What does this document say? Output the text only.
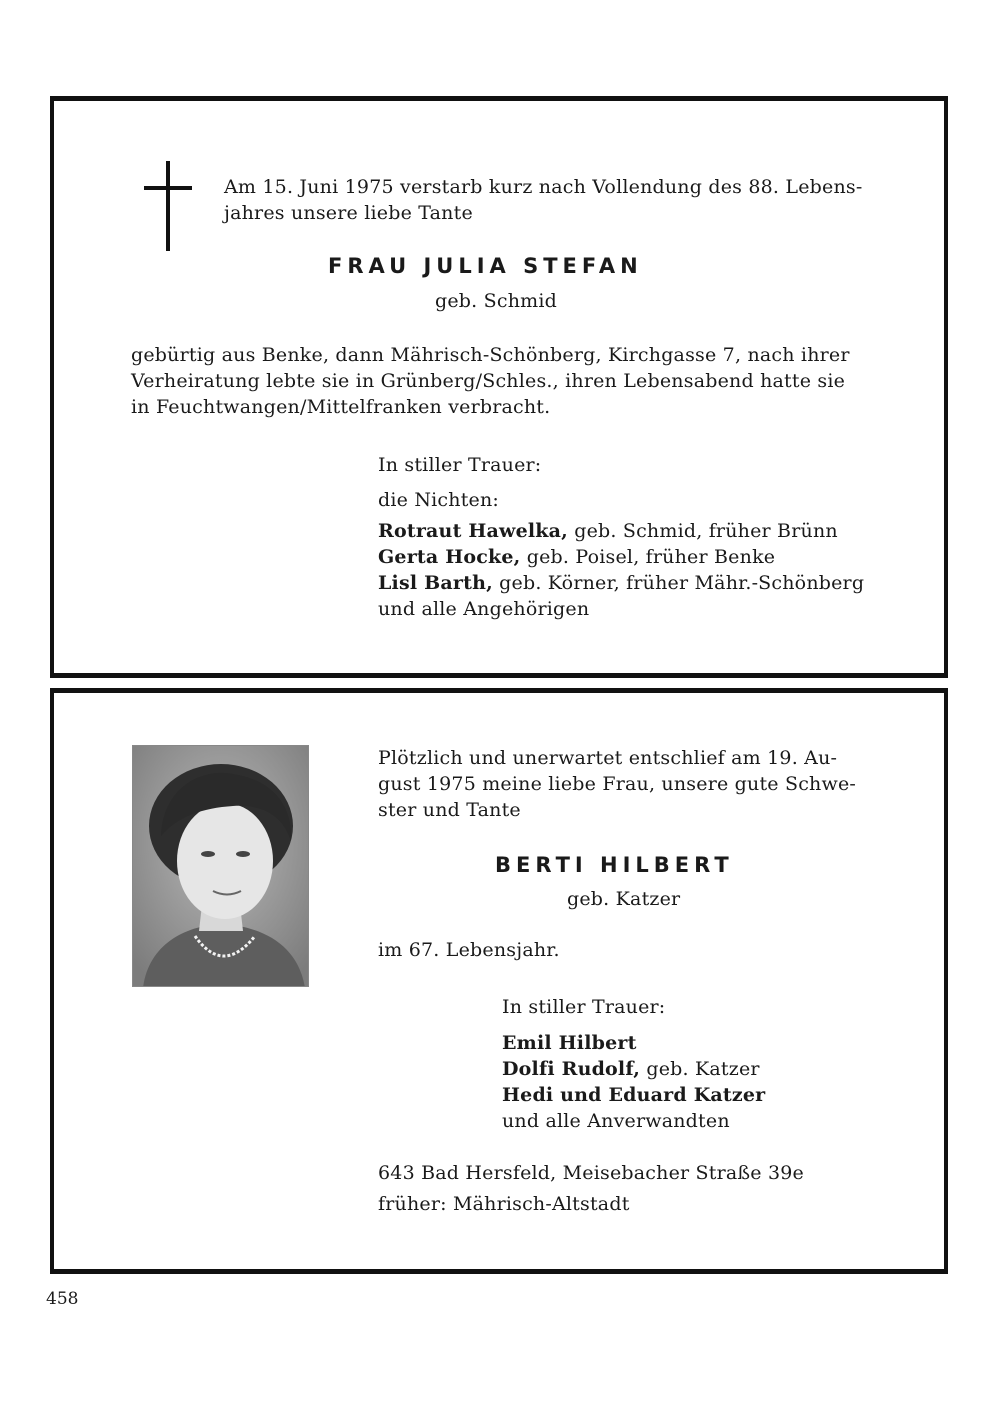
Am 15. Juni 1975 verstarb kurz nach Vollendung des 88. Lebens-
jahres unsere liebe Tante
FRAU JULIA STEFAN
geb. Schmid
gebürtig aus Benke, dann Mährisch-Schönberg, Kirchgasse 7, nach ihrer
Verheiratung lebte sie in Grünberg/Schles., ihren Lebensabend hatte sie
in Feuchtwangen/Mittelfranken verbracht.
In stiller Trauer:
die Nichten:
Rotraut Hawelka, geb. Schmid, früher Brünn
Gerta Hocke, geb. Poisel, früher Benke
Lisl Barth, geb. Körner, früher Mähr.-Schönberg
und alle Angehörigen
Plötzlich und unerwartet entschlief am 19. Au-
gust 1975 meine liebe Frau, unsere gute Schwe-
ster und Tante
BERTI HILBERT
geb. Katzer
im 67. Lebensjahr.
In stiller Trauer:
Emil Hilbert
Dolfi Rudolf, geb. Katzer
Hedi und Eduard Katzer
und alle Anverwandten
643 Bad Hersfeld, Meisebacher Straße 39e
früher: Mährisch-Altstadt
458
